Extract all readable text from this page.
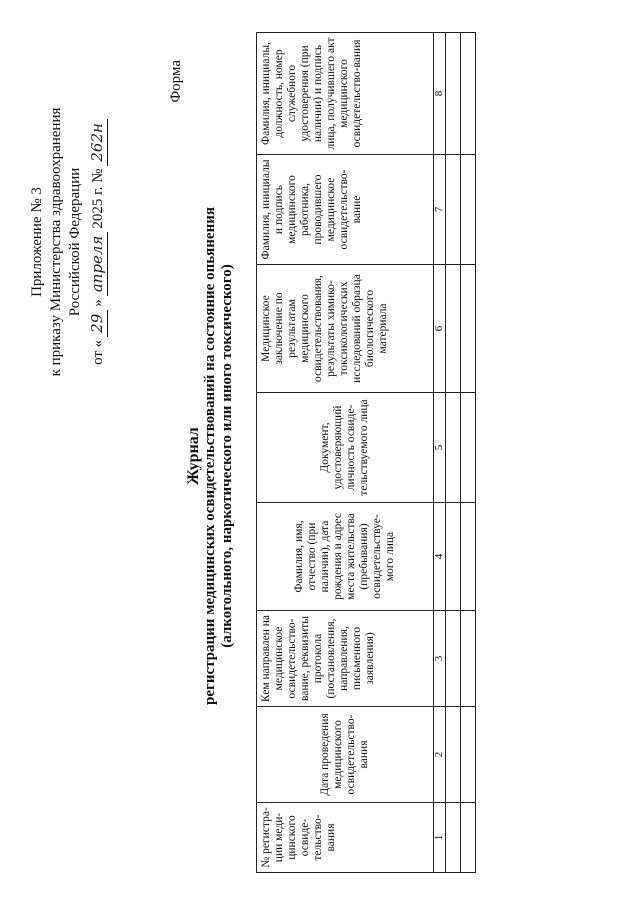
Приложение № 3 к приказу Министерства здравоохранения Российской Федерации
от «
29
»
апреля
2025 г. №
262н
Форма
Журнал регистрации медицинских освидетельствований на состояние опьянения (алкогольного, наркотического или иного токсического)
№ регистра-ции меди-цинского освиде-тельство-вания	Дата проведения медицинского освидетельство-вания	Кем направлен на медицинское освидетельство-вание, реквизиты протокола (постановления, направления, письменного заявления)	Фамилия, имя, отчество (при наличии), дата рождения и адрес места жительства (пребывания) освидетельствуе-мого лица	Документ, удостоверяющий личность освиде-тельствуемого лица	Медицинское заключение по результатам медицинского освидетельствования, результаты химико-токсикологических исследований образца биологического материала	Фамилия, инициалы и подпись медицинского работника, проводившего медицинское освидетельство-вание	Фамилия, инициалы, должность, номер служебного удостоверения (при наличии) и подпись лица, получившего акт медицинского освидетельство-вания
1	2	3	4	5	6	7	8
